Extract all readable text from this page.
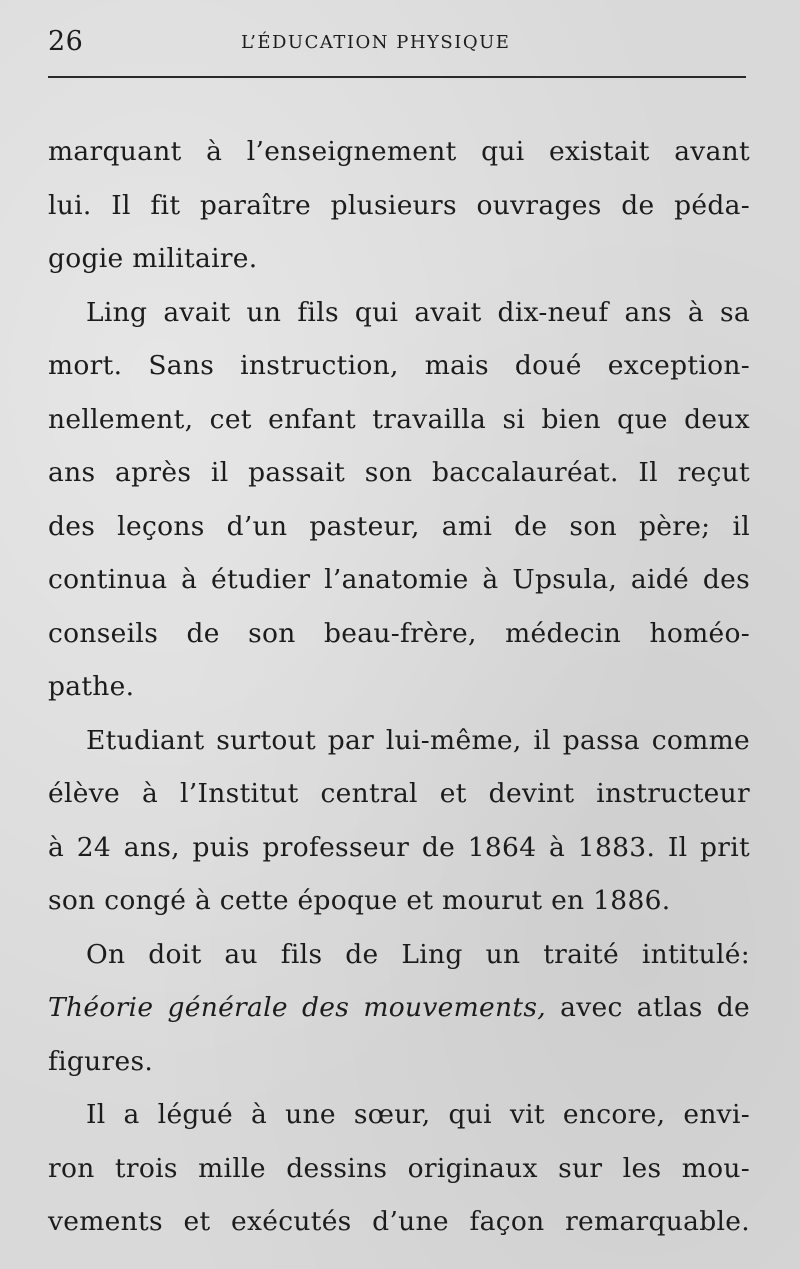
26	L’ÉDUCATION PHYSIQUE
marquant à l’enseignement qui existait avant
lui. Il fit paraître plusieurs ouvrages de péda-
gogie militaire.
Ling avait un fils qui avait dix-neuf ans à sa
mort. Sans instruction, mais doué exception-
nellement, cet enfant travailla si bien que deux
ans après il passait son baccalauréat. Il reçut
des leçons d’un pasteur, ami de son père; il
continua à étudier l’anatomie à Upsula, aidé des
conseils de son beau-frère, médecin homéo-
pathe.
Etudiant surtout par lui-même, il passa comme
élève à l’Institut central et devint instructeur
à 24 ans, puis professeur de 1864 à 1883. Il prit
son congé à cette époque et mourut en 1886.
On doit au fils de Ling un traité intitulé:
Théorie générale des mouvements, avec atlas de
figures.
Il a légué à une sœur, qui vit encore, envi-
ron trois mille dessins originaux sur les mou-
vements et exécutés d’une façon remarquable.
